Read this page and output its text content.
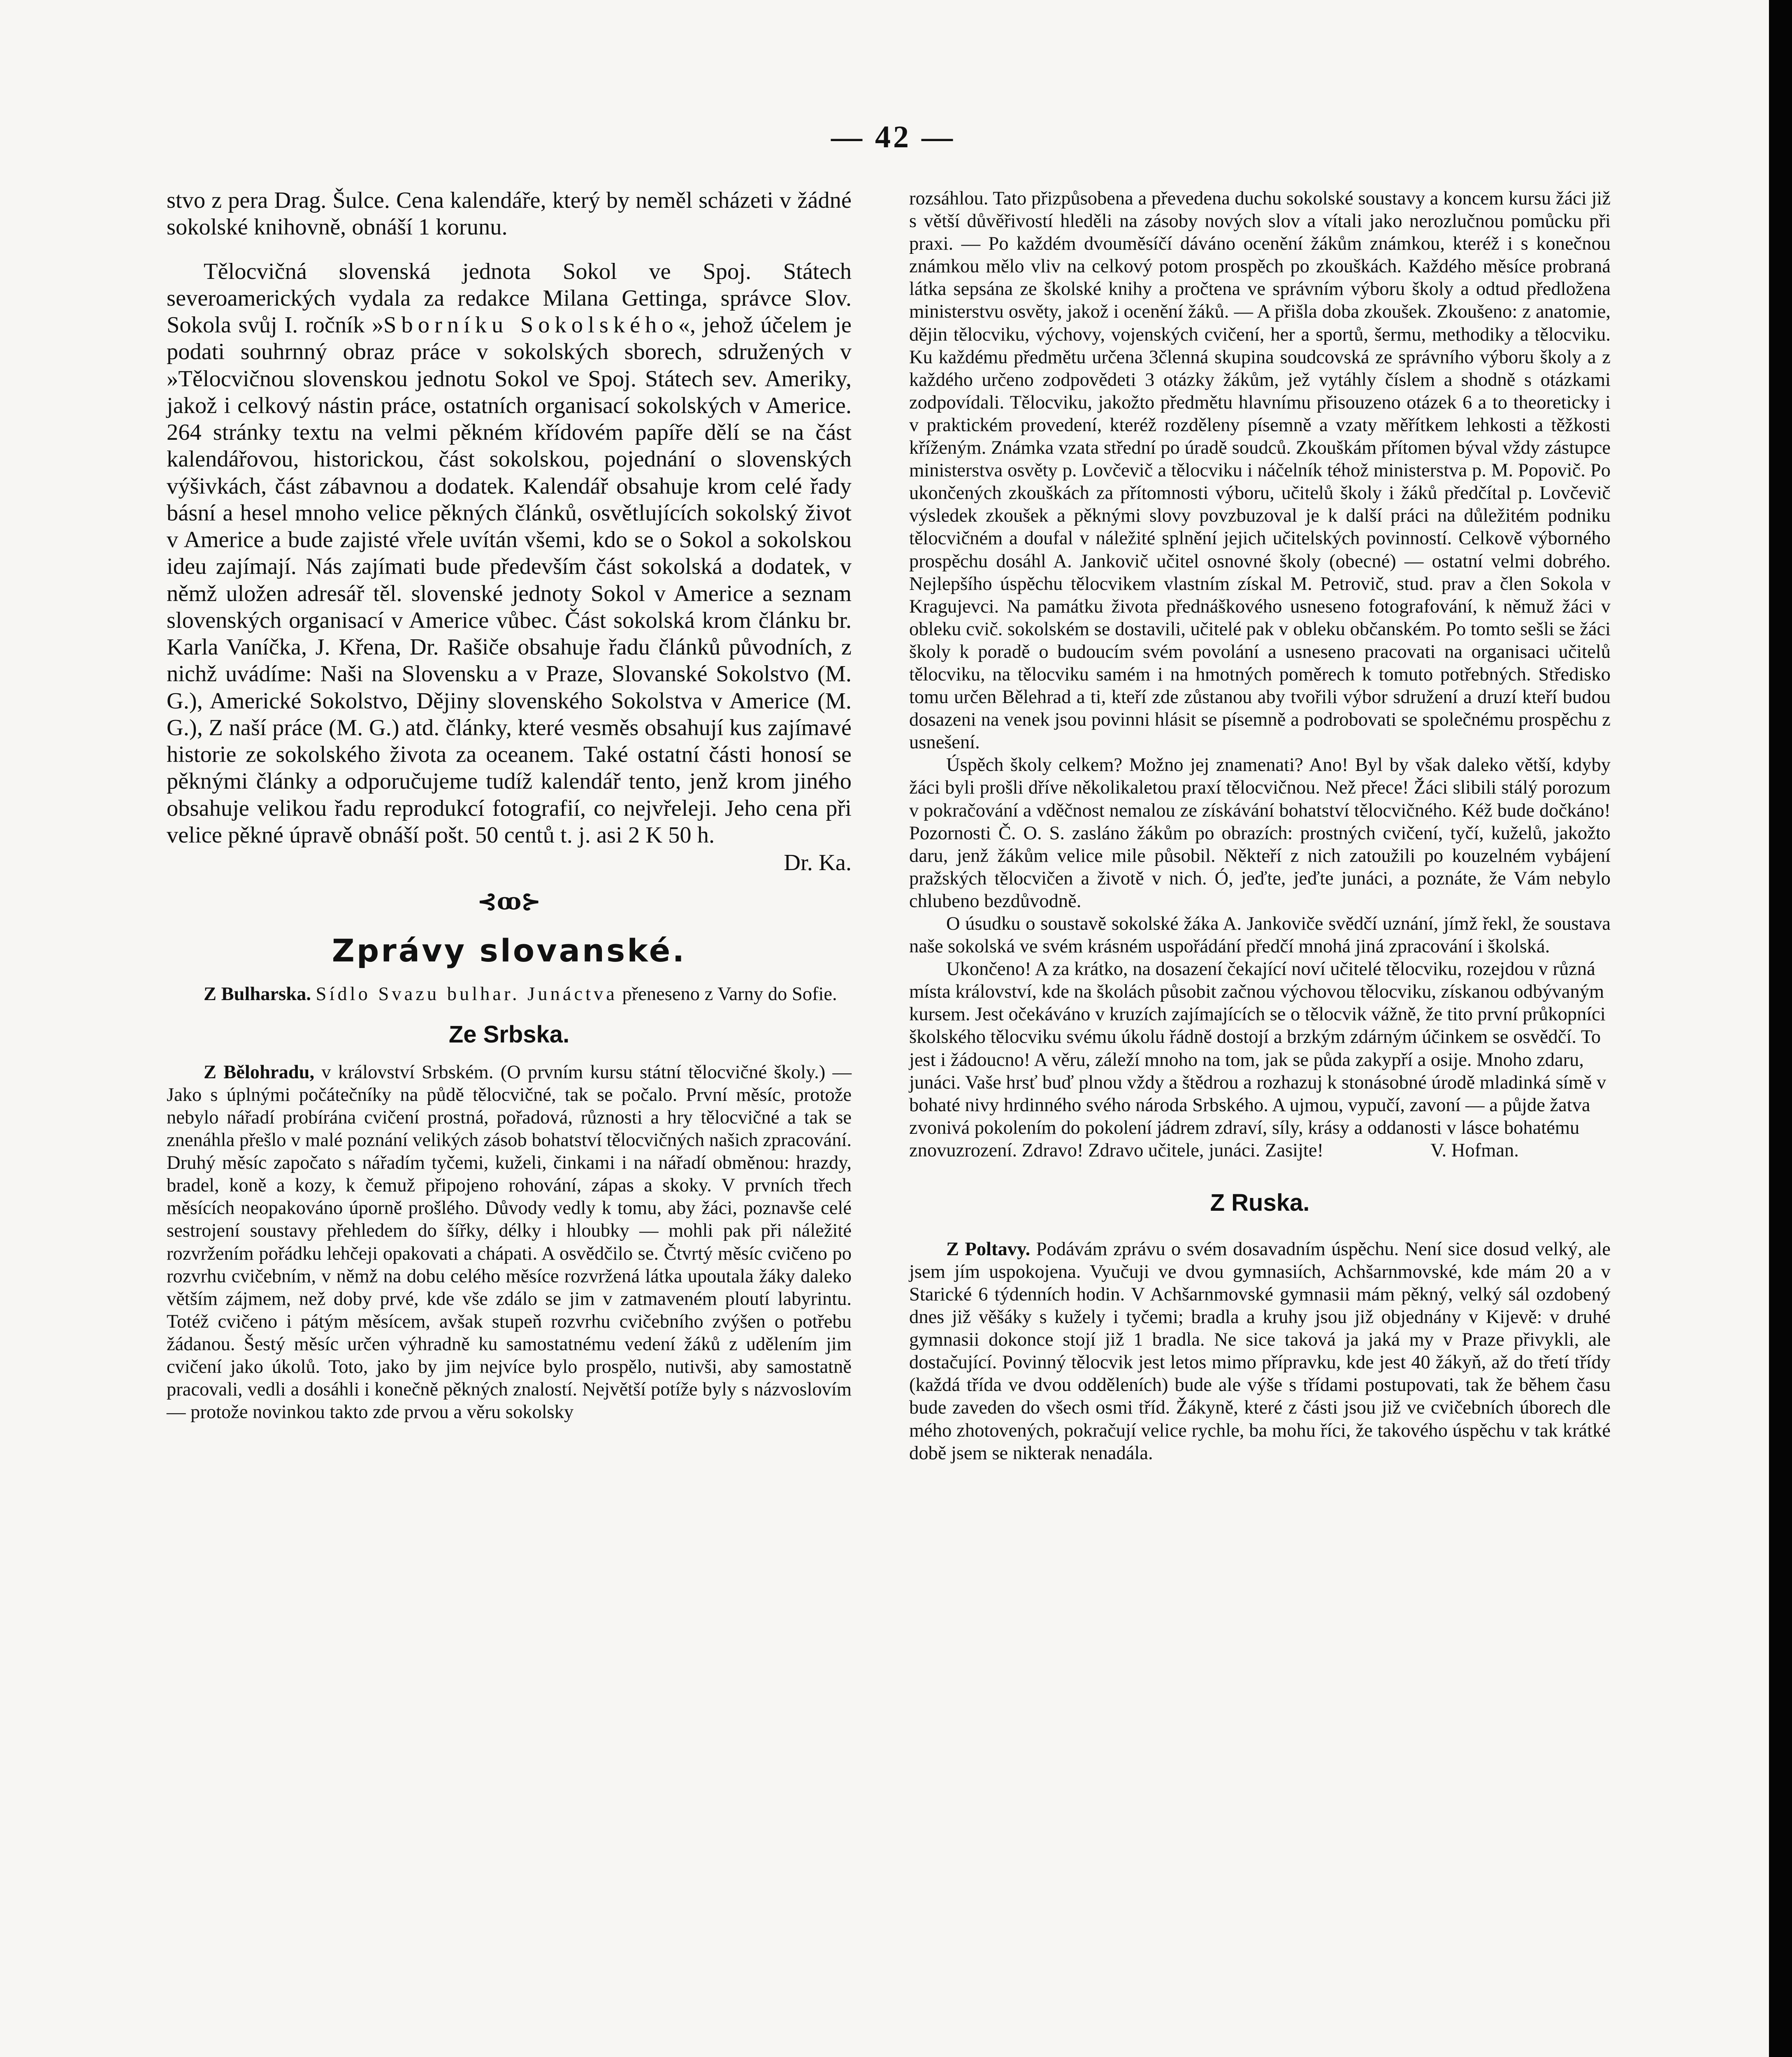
— 42 —

stvo z pera Drag. Šulce. Cena kalendáře, který by neměl scházeti v žádné sokolské knihovně, obnáší 1 korunu.

Tělocvičná slovenská jednota Sokol ve Spoj. Státech severoamerických vydala za redakce Milana Gettinga, správce Slov. Sokola svůj I. ročník »Sborníku Sokolského«, jehož účelem je podati souhrnný obraz práce v sokolských sborech, sdružených v »Tělocvičnou slovenskou jednotu Sokol ve Spoj. Státech sev. Ameriky, jakož i celkový nástin práce, ostatních organisací sokolských v Americe. 264 stránky textu na velmi pěkném křídovém papíře dělí se na část kalendářovou, historickou, část sokolskou, pojednání o slovenských výšivkách, část zábavnou a dodatek. Kalendář obsahuje krom celé řady básní a hesel mnoho velice pěkných článků, osvětlujících sokolský život v Americe a bude zajisté vřele uvítán všemi, kdo se o Sokol a sokolskou ideu zajímají. Nás zajímati bude především část sokolská a dodatek, v němž uložen adresář těl. slovenské jednoty Sokol v Americe a seznam slovenských organisací v Americe vůbec. Část sokolská krom článku br. Karla Vaníčka, J. Křena, Dr. Rašiče obsahuje řadu článků původních, z nichž uvádíme: Naši na Slovensku a v Praze, Slovanské Sokolstvo (M. G.), Americké Sokolstvo, Dějiny slovenského Sokolstva v Americe (M. G.), Z naší práce (M. G.) atd. články, které vesměs obsahují kus zajímavé historie ze sokolského života za oceanem. Také ostatní části honosí se pěknými články a odporučujeme tudíž kalendář tento, jenž krom jiného obsahuje velikou řadu reprodukcí fotografií, co nejvřeleji. Jeho cena při velice pěkné úpravě obnáší pošt. 50 centů t. j. asi 2 K 50 h.

Dr. Ka.

⊰ꝏ⊱
Zprávy slovanské.

Z Bulharska. Sídlo Svazu bulhar. Junáctva přeneseno z Varny do Sofie.

Ze Srbska.

Z Bělohradu, v království Srbském. (O prvním kursu státní tělocvičné školy.) — Jako s úplnými počátečníky na půdě tělocvičné, tak se počalo. První měsíc, protože nebylo nářadí probírána cvičení prostná, pořadová, různosti a hry tělocvičné a tak se znenáhla přešlo v malé poznání velikých zásob bohatství tělocvičných našich zpracování. Druhý měsíc započato s nářadím tyčemi, kuželi, činkami i na nářadí obměnou: hrazdy, bradel, koně a kozy, k čemuž připojeno rohování, zápas a skoky. V prvních třech měsících neopakováno úporně prošlého. Důvody vedly k tomu, aby žáci, poznavše celé sestrojení soustavy přehledem do šířky, délky i hloubky — mohli pak při náležité rozvržením pořádku lehčeji opakovati a chápati. A osvědčilo se. Čtvrtý měsíc cvičeno po rozvrhu cvičebním, v němž na dobu celého měsíce rozvržená látka upoutala žáky daleko větším zájmem, než doby prvé, kde vše zdálo se jim v zatmaveném ploutí labyrintu. Totéž cvičeno i pátým měsícem, avšak stupeň rozvrhu cvičebního zvýšen o potřebu žádanou. Šestý měsíc určen výhradně ku samostatnému vedení žáků z udělením jim cvičení jako úkolů. Toto, jako by jim nejvíce bylo prospělo, nutivši, aby samostatně pracovali, vedli a dosáhli i konečně pěkných znalostí. Největší potíže byly s názvoslovím — protože novinkou takto zde prvou a věru sokolsky

rozsáhlou. Tato přizpůsobena a převedena duchu sokolské soustavy a koncem kursu žáci již s větší důvěřivostí hleděli na zásoby nových slov a vítali jako nerozlučnou pomůcku při praxi. — Po každém dvouměsíčí dáváno ocenění žákům známkou, kteréž i s konečnou známkou mělo vliv na celkový potom prospěch po zkouškách. Každého měsíce probraná látka sepsána ze školské knihy a pročtena ve správním výboru školy a odtud předložena ministerstvu osvěty, jakož i ocenění žáků. — A přišla doba zkoušek. Zkoušeno: z anatomie, dějin tělocviku, výchovy, vojenských cvičení, her a sportů, šermu, methodiky a tělocviku. Ku každému předmětu určena 3členná skupina soudcovská ze správního výboru školy a z každého určeno zodpovědeti 3 otázky žákům, jež vytáhly číslem a shodně s otázkami zodpovídali. Tělocviku, jakožto předmětu hlavnímu přisouzeno otázek 6 a to theoreticky i v praktickém provedení, kteréž rozděleny písemně a vzaty měřítkem lehkosti a těžkosti kříženým. Známka vzata střední po úradě soudců. Zkouškám přítomen býval vždy zástupce ministerstva osvěty p. Lovčevič a tělocviku i náčelník téhož ministerstva p. M. Popovič. Po ukončených zkouškách za přítomnosti výboru, učitelů školy i žáků předčítal p. Lovčevič výsledek zkoušek a pěknými slovy povzbuzoval je k další práci na důležitém podniku tělocvičném a doufal v náležité splnění jejich učitelských povinností. Celkově výborného prospěchu dosáhl A. Jankovič učitel osnovné školy (obecné) — ostatní velmi dobrého. Nejlepšího úspěchu tělocvikem vlastním získal M. Petrovič, stud. prav a člen Sokola v Kragujevci. Na památku života přednáškového usneseno fotografování, k němuž žáci v obleku cvič. sokolském se dostavili, učitelé pak v obleku občanském. Po tomto sešli se žáci školy k poradě o budoucím svém povolání a usneseno pracovati na organisaci učitelů tělocviku, na tělocviku samém i na hmotných poměrech k tomuto potřebných. Středisko tomu určen Bělehrad a ti, kteří zde zůstanou aby tvořili výbor sdružení a druzí kteří budou dosazeni na venek jsou povinni hlásit se písemně a podrobovati se společnému prospěchu z usnešení.

Úspěch školy celkem? Možno jej znamenati? Ano! Byl by však daleko větší, kdyby žáci byli prošli dříve několikaletou praxí tělocvičnou. Než přece! Žáci slibili stálý porozum v pokračování a vděčnost nemalou ze získávání bohatství tělocvičného. Kéž bude dočkáno! Pozornosti Č. O. S. zasláno žákům po obrazích: prostných cvičení, tyčí, kuželů, jakožto daru, jenž žákům velice mile působil. Někteří z nich zatoužili po kouzelném vybájení pražských tělocvičen a životě v nich. Ó, jeďte, jeďte junáci, a poznáte, že Vám nebylo chlubeno bezdůvodně.

O úsudku o soustavě sokolské žáka A. Jankoviče svědčí uznání, jímž řekl, že soustava naše sokolská ve svém krásném uspořádání předčí mnohá jiná zpracování i školská.

Ukončeno! A za krátko, na dosazení čekající noví učitelé tělocviku, rozejdou v různá místa království, kde na školách působit začnou výchovou tělocviku, získanou odbývaným kursem. Jest očekáváno v kruzích zajímajících se o tělocvik vážně, že tito první průkopníci školského tělocviku svému úkolu řádně dostojí a brzkým zdárným účinkem se osvědčí. To jest i žádoucno! A věru, záleží mnoho na tom, jak se půda zakypří a osije. Mnoho zdaru, junáci. Vaše hrsť buď plnou vždy a štědrou a rozhazuj k stonásobné úrodě mladinká símě v bohaté nivy hrdinného svého národa Srbského. A ujmou, vypučí, zavoní — a půjde žatva zvonivá pokolením do pokolení jádrem zdraví, síly, krásy a oddanosti v lásce bohatému znovuzrození. Zdravo! Zdravo učitele, junáci. Zasijte!	V. Hofman.

Z Ruska.

Z Poltavy. Podávám zprávu o svém dosavadním úspěchu. Není sice dosud velký, ale jsem jím uspokojena. Vyučuji ve dvou gymnasiích, Achšarnmovské, kde mám 20 a v Starické 6 týdenních hodin. V Achšarnmovské gymnasii mám pěkný, velký sál ozdobený dnes již věšáky s kužely i tyčemi; bradla a kruhy jsou již objednány v Kijevě: v druhé gymnasii dokonce stojí již 1 bradla. Ne sice taková ja jaká my v Praze přivykli, ale dostačující. Povinný tělocvik jest letos mimo přípravku, kde jest 40 žákyň, až do třetí třídy (každá třída ve dvou odděleních) bude ale výše s třídami postupovati, tak že během času bude zaveden do všech osmi tříd. Žákyně, které z části jsou již ve cvičebních úborech dle mého zhotovených, pokračují velice rychle, ba mohu říci, že takového úspěchu v tak krátké době jsem se nikterak nenadála.
